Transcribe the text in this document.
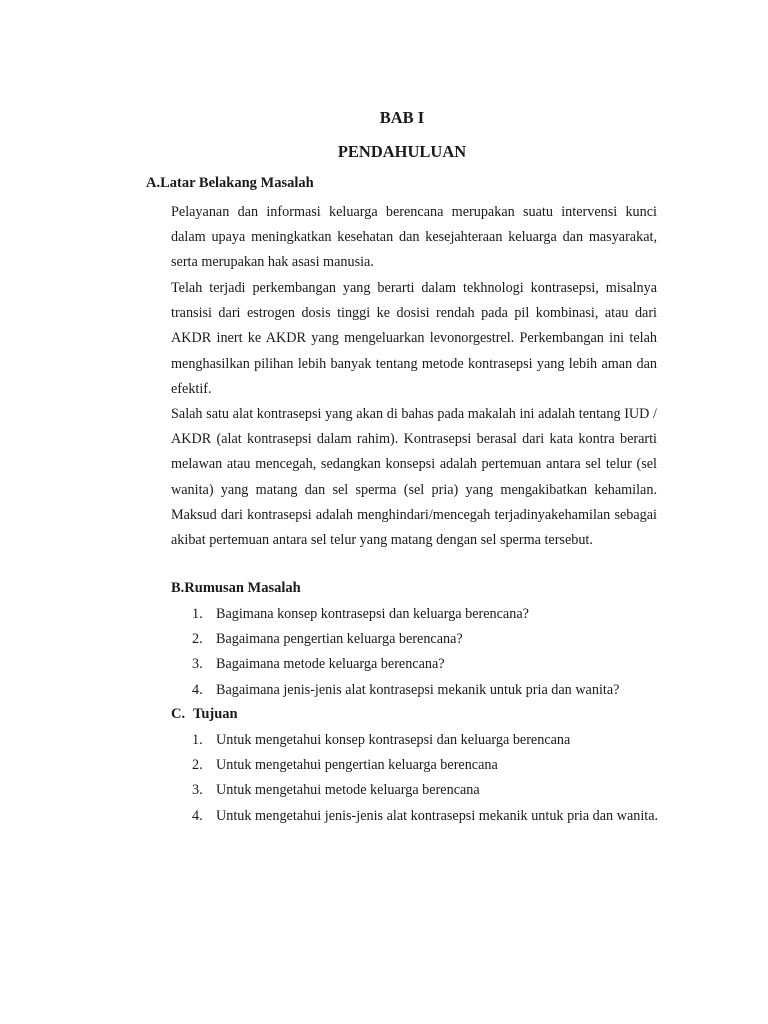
BAB I
PENDAHULUAN
A.Latar Belakang Masalah

Pelayanan dan informasi keluarga berencana merupakan suatu intervensi kunci dalam upaya meningkatkan kesehatan dan kesejahteraan keluarga dan masyarakat, serta merupakan hak asasi manusia.

Telah terjadi perkembangan yang berarti dalam tekhnologi kontrasepsi, misalnya transisi dari estrogen dosis tinggi ke dosisi rendah pada pil kombinasi, atau dari AKDR inert ke AKDR yang mengeluarkan levonorgestrel. Perkembangan ini telah menghasilkan pilihan lebih banyak tentang metode kontrasepsi yang lebih aman dan efektif.

Salah satu alat kontrasepsi yang akan di bahas pada makalah ini adalah tentang IUD / AKDR (alat kontrasepsi dalam rahim). Kontrasepsi berasal dari kata kontra berarti melawan atau mencegah, sedangkan konsepsi adalah pertemuan antara sel telur (sel wanita) yang matang dan sel sperma (sel pria) yang mengakibatkan kehamilan. Maksud dari kontrasepsi adalah menghindari/mencegah terjadinyakehamilan sebagai akibat pertemuan antara sel telur yang matang dengan sel sperma tersebut.

B.Rumusan Masalah
1. Bagimana konsep kontrasepsi dan keluarga berencana?
2. Bagaimana pengertian keluarga berencana?
3. Bagaimana metode keluarga berencana?
4. Bagaimana jenis-jenis alat kontrasepsi mekanik untuk pria dan wanita?
C. Tujuan
1. Untuk mengetahui konsep kontrasepsi dan keluarga berencana
2. Untuk mengetahui pengertian keluarga berencana
3. Untuk mengetahui metode keluarga berencana
4. Untuk mengetahui jenis-jenis alat kontrasepsi mekanik untuk pria dan wanita.
